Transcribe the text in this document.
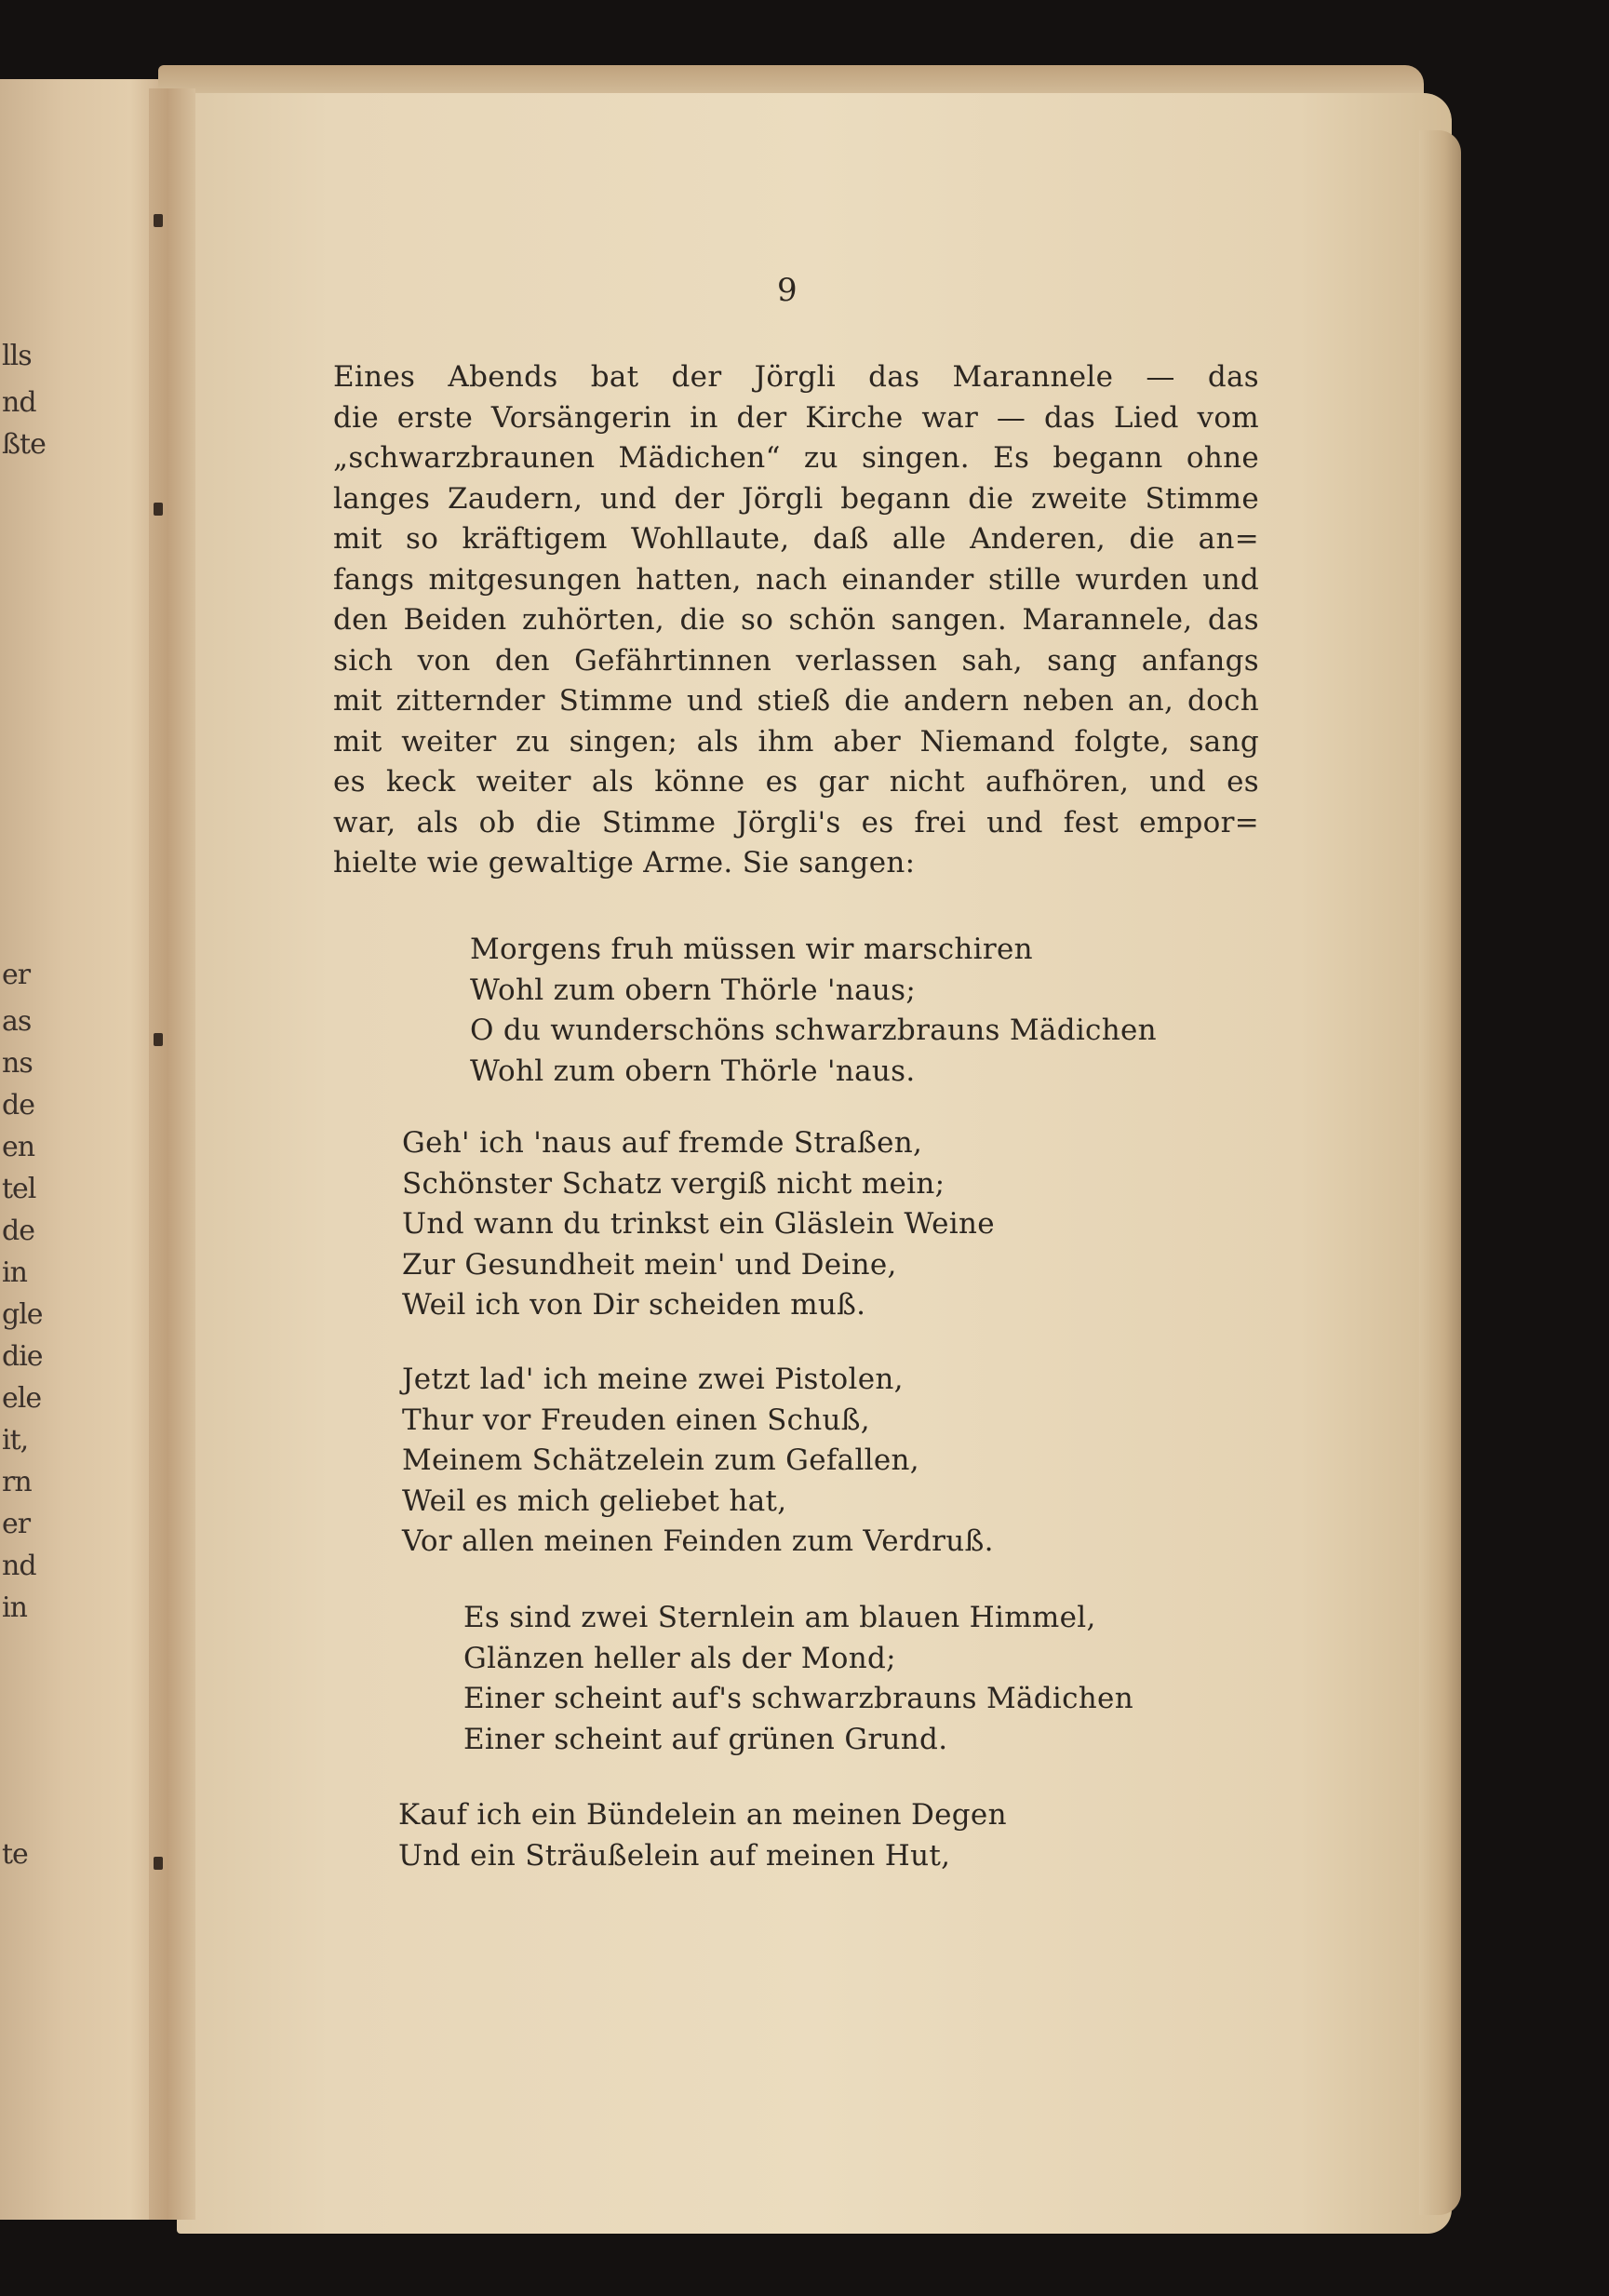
lls
nd
ßte
er
as
ns
de
en
tel
de
in
gle
die
ele
it,
rn
er
nd
in
te
9
Eines Abends bat der Jörgli das Marannele — das
die erste Vorsängerin in der Kirche war — das Lied vom
„schwarzbraunen Mädichen“ zu singen. Es begann ohne
langes Zaudern, und der Jörgli begann die zweite Stimme
mit so kräftigem Wohllaute, daß alle Anderen, die an=
fangs mitgesungen hatten, nach einander stille wurden und
den Beiden zuhörten, die so schön sangen. Marannele, das
sich von den Gefährtinnen verlassen sah, sang anfangs
mit zitternder Stimme und stieß die andern neben an, doch
mit weiter zu singen; als ihm aber Niemand folgte, sang
es keck weiter als könne es gar nicht aufhören, und es
war, als ob die Stimme Jörgli's es frei und fest empor=
hielte wie gewaltige Arme. Sie sangen:
Morgens fruh müssen wir marschiren
Wohl zum obern Thörle 'naus;
O du wunderschöns schwarzbrauns Mädichen
Wohl zum obern Thörle 'naus.
Geh' ich 'naus auf fremde Straßen,
Schönster Schatz vergiß nicht mein;
Und wann du trinkst ein Gläslein Weine
Zur Gesundheit mein' und Deine,
Weil ich von Dir scheiden muß.
Jetzt lad' ich meine zwei Pistolen,
Thur vor Freuden einen Schuß,
Meinem Schätzelein zum Gefallen,
Weil es mich geliebet hat,
Vor allen meinen Feinden zum Verdruß.
Es sind zwei Sternlein am blauen Himmel,
Glänzen heller als der Mond;
Einer scheint auf's schwarzbrauns Mädichen
Einer scheint auf grünen Grund.
Kauf ich ein Bündelein an meinen Degen
Und ein Sträußelein auf meinen Hut,
